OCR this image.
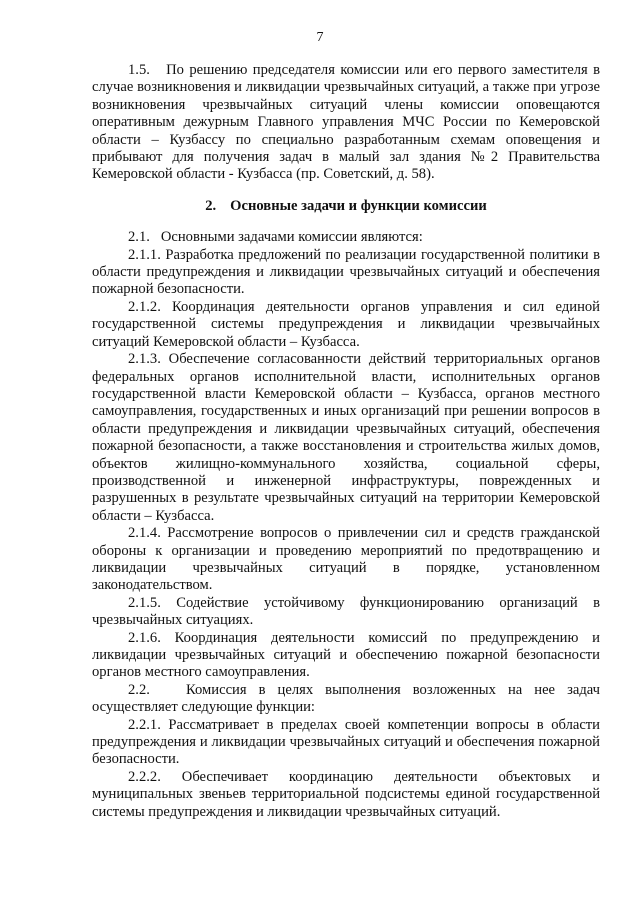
7

1.5.   По решению председателя комиссии или его первого заместителя в случае возникновения и ликвидации чрезвычайных ситуаций, а также при угрозе возникновения чрезвычайных ситуаций члены комиссии оповещаются оперативным дежурным Главного управления МЧС России по Кемеровской области – Кузбассу по специально разработанным схемам оповещения и прибывают для получения задач в малый зал здания №2 Правительства Кемеровской области - Кузбасса (пр. Советский, д. 58).

2. Основные задачи и функции комиссии

2.1.   Основными задачами комиссии являются:

2.1.1. Разработка предложений по реализации государственной политики в области предупреждения и ликвидации чрезвычайных ситуаций и обеспечения пожарной безопасности.

2.1.2. Координация деятельности органов управления и сил единой государственной системы предупреждения и ликвидации чрезвычайных ситуаций Кемеровской области – Кузбасса.

2.1.3. Обеспечение согласованности действий территориальных органов федеральных органов исполнительной власти, исполнительных органов государственной власти Кемеровской области – Кузбасса, органов местного самоуправления, государственных и иных организаций при решении вопросов в области предупреждения и ликвидации чрезвычайных ситуаций, обеспечения пожарной безопасности, а также восстановления и строительства жилых домов, объектов жилищно-коммунального хозяйства, социальной сферы, производственной и инженерной инфраструктуры, поврежденных и разрушенных в результате чрезвычайных ситуаций на территории Кемеровской области – Кузбасса.

2.1.4. Рассмотрение вопросов о привлечении сил и средств гражданской обороны к организации и проведению мероприятий по предотвращению и ликвидации чрезвычайных ситуаций в порядке, установленном законодательством.

2.1.5. Содействие устойчивому функционированию организаций в чрезвычайных ситуациях.

2.1.6. Координация деятельности комиссий по предупреждению и ликвидации чрезвычайных ситуаций и обеспечению пожарной безопасности органов местного самоуправления.

2.2.   Комиссия в целях выполнения возложенных на нее задач осуществляет следующие функции:

2.2.1. Рассматривает в пределах своей компетенции вопросы в области предупреждения и ликвидации чрезвычайных ситуаций и обеспечения пожарной безопасности.

2.2.2. Обеспечивает координацию деятельности объектовых и муниципальных звеньев территориальной подсистемы единой государственной системы предупреждения и ликвидации чрезвычайных ситуаций.
